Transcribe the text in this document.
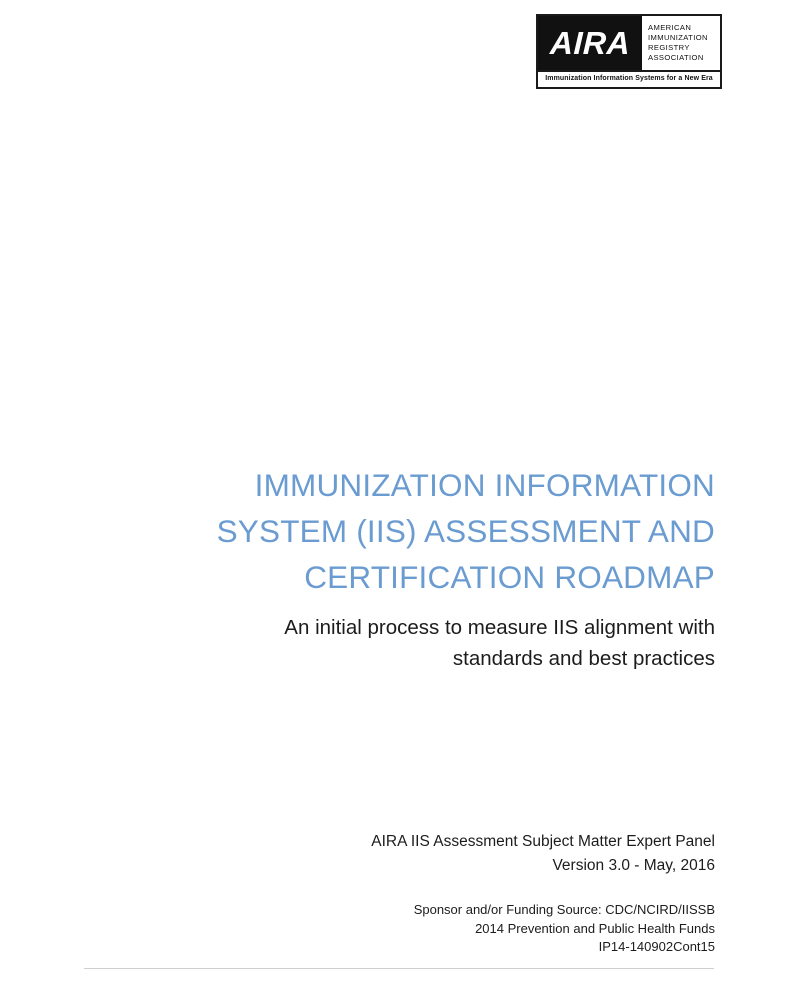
AIRA AMERICAN
IMMUNIZATION
REGISTRY
ASSOCIATION
Immunization Information Systems for a New Era
IMMUNIZATION INFORMATION
SYSTEM (IIS) ASSESSMENT AND
CERTIFICATION ROADMAP
An initial process to measure IIS alignment with
standards and best practices
AIRA IIS Assessment Subject Matter Expert Panel
Version 3.0 - May, 2016
Sponsor and/or Funding Source: CDC/NCIRD/IISSB
2014 Prevention and Public Health Funds
IP14-140902Cont15
